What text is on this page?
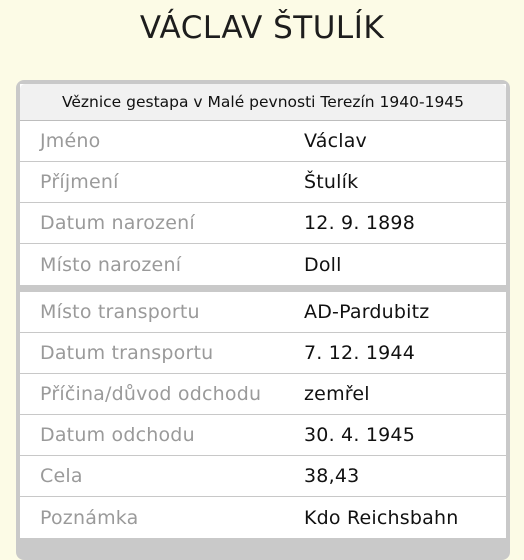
VÁCLAV ŠTULÍK
Věznice gestapa v Malé pevnosti Terezín 1940-1945
Jméno	Václav
Příjmení	Štulík
Datum narození	12. 9. 1898
Místo narození	Doll
Místo transportu	AD-Pardubitz
Datum transportu	7. 12. 1944
Příčina/důvod odchodu	zemřel
Datum odchodu	30. 4. 1945
Cela	38,43
Poznámka	Kdo Reichsbahn
